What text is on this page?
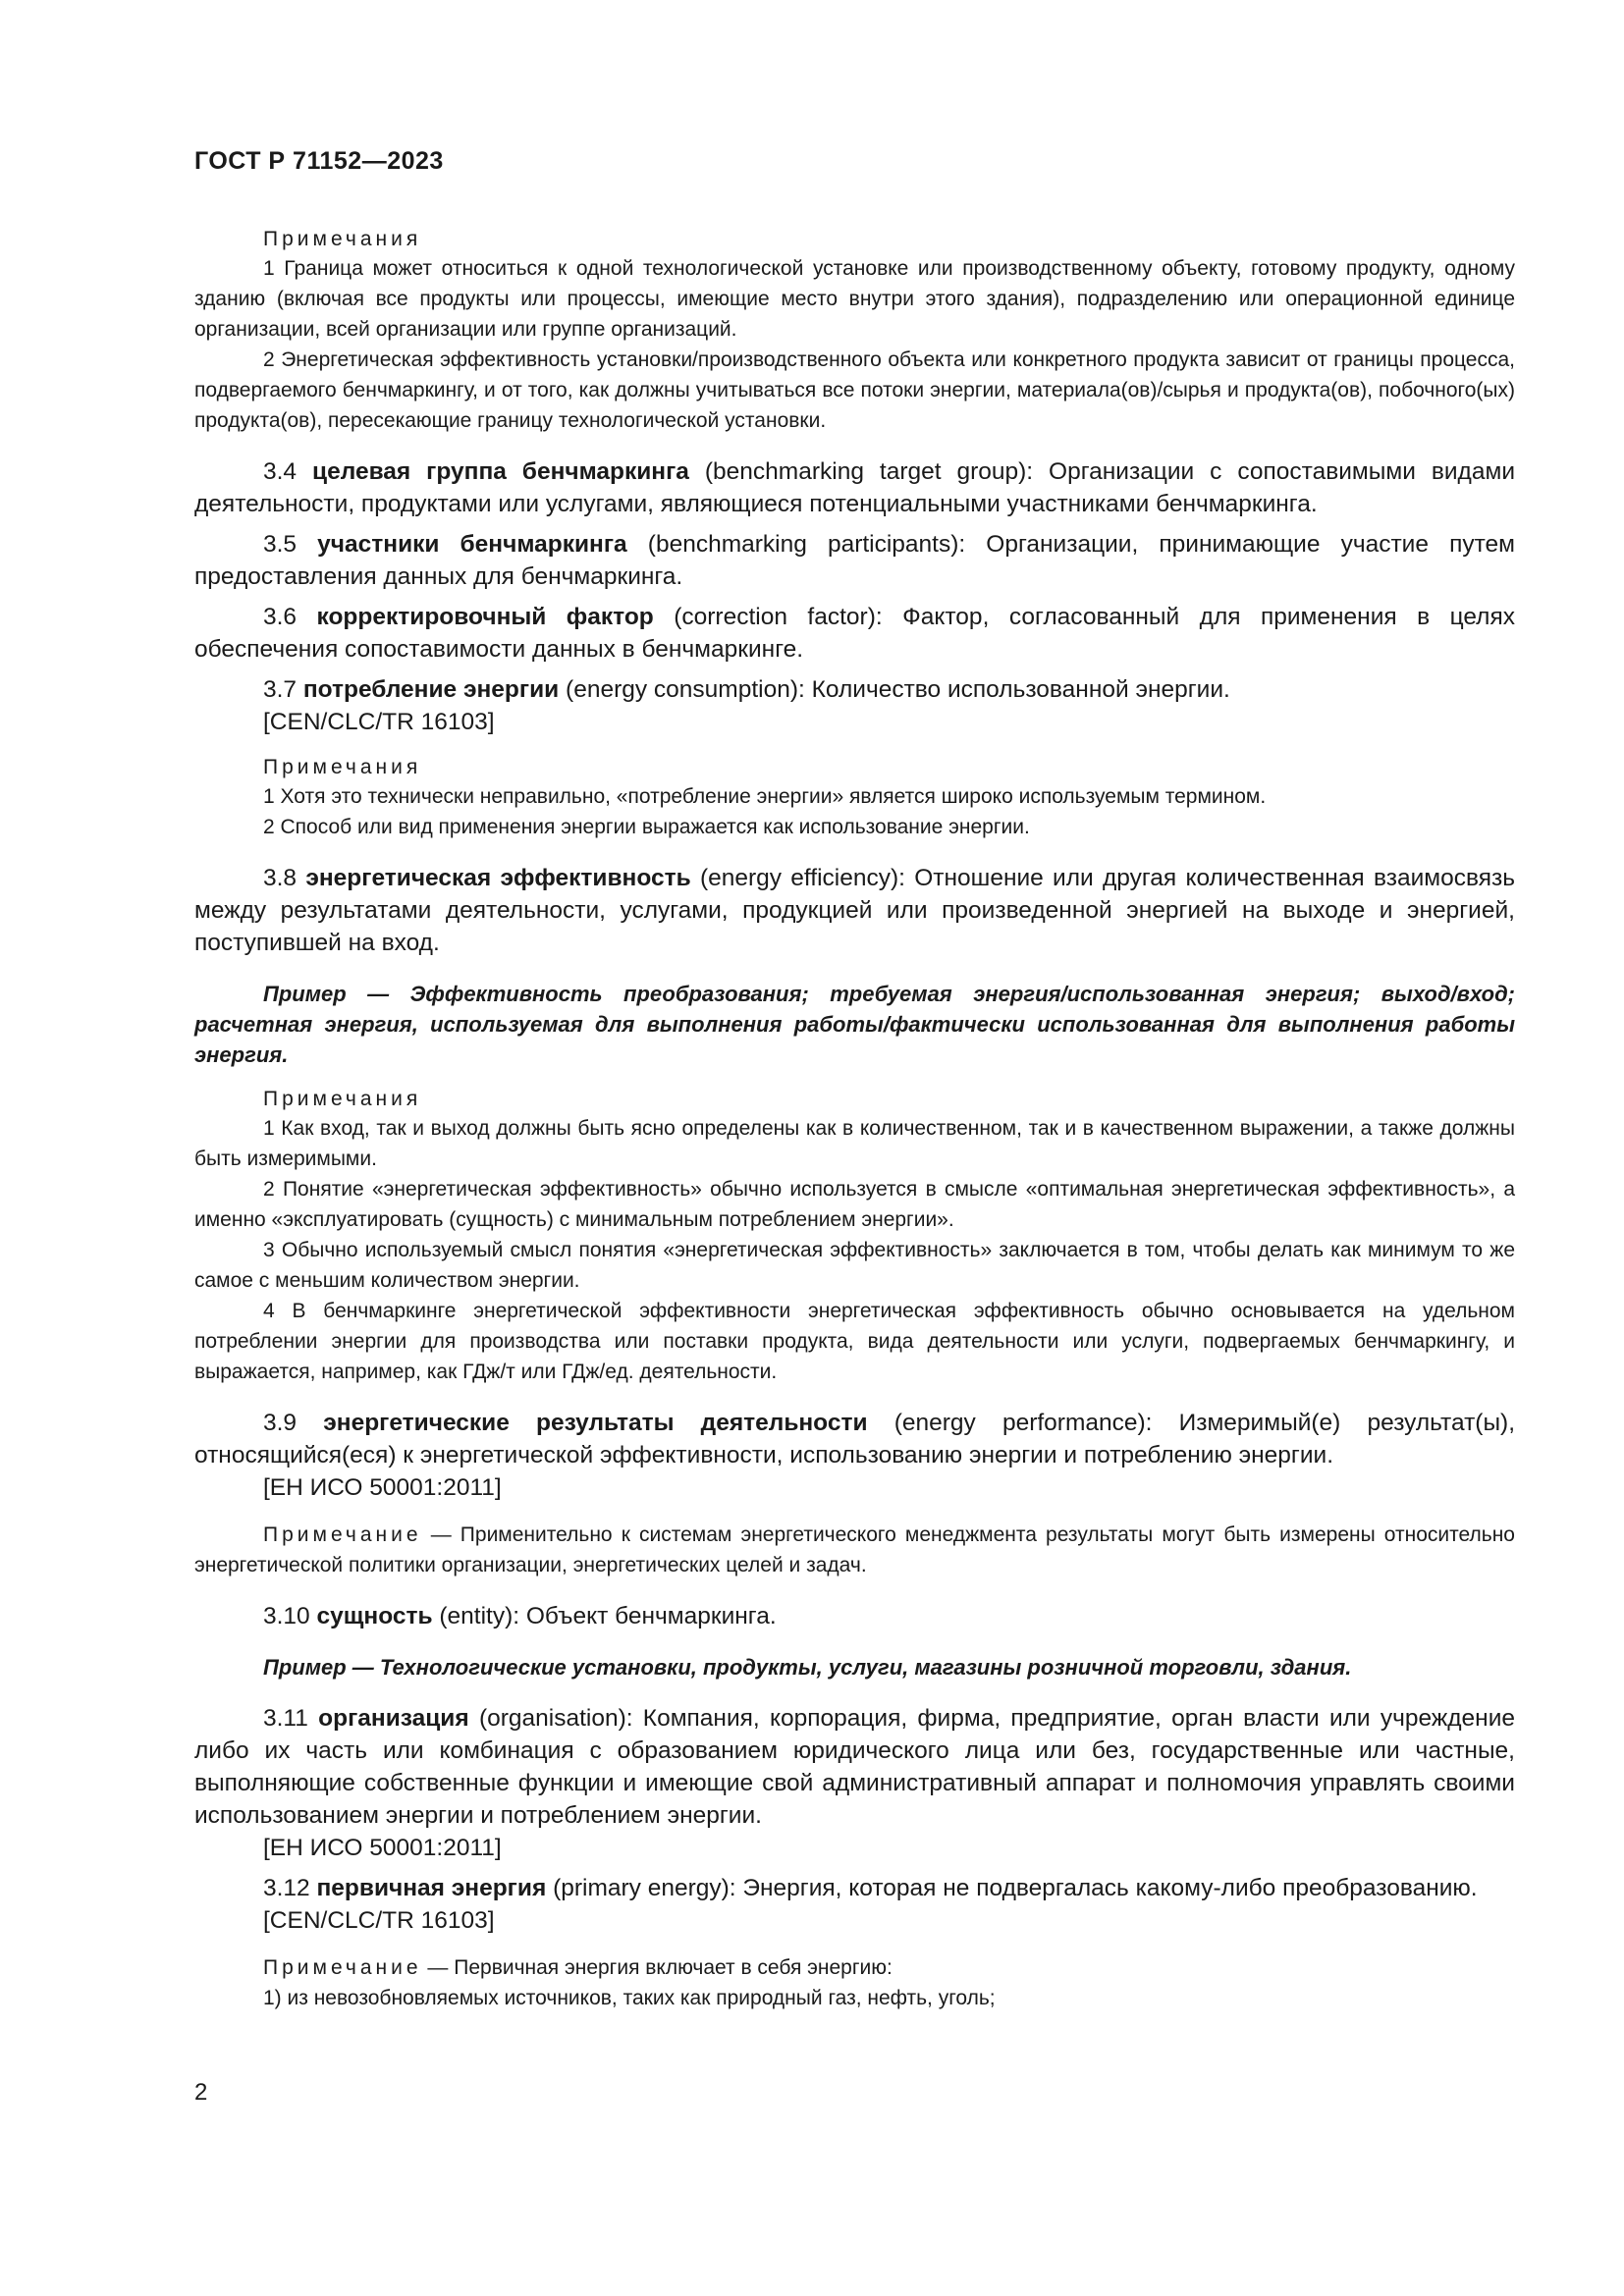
ГОСТ Р 71152—2023

Примечания

1 Граница может относиться к одной технологической установке или производственному объекту, готовому продукту, одному зданию (включая все продукты или процессы, имеющие место внутри этого здания), подразделению или операционной единице организации, всей организации или группе организаций.

2 Энергетическая эффективность установки/производственного объекта или конкретного продукта зависит от границы процесса, подвергаемого бенчмаркингу, и от того, как должны учитываться все потоки энергии, материала(ов)/сырья и продукта(ов), побочного(ых) продукта(ов), пересекающие границу технологической установки.

3.4 целевая группа бенчмаркинга (benchmarking target group): Организации с сопоставимыми видами деятельности, продуктами или услугами, являющиеся потенциальными участниками бенчмаркинга.

3.5 участники бенчмаркинга (benchmarking participants): Организации, принимающие участие путем предоставления данных для бенчмаркинга.

3.6 корректировочный фактор (correction factor): Фактор, согласованный для применения в целях обеспечения сопоставимости данных в бенчмаркинге.

3.7 потребление энергии (energy consumption): Количество использованной энергии.

[CEN/CLC/TR 16103]

Примечания

1 Хотя это технически неправильно, «потребление энергии» является широко используемым термином.

2 Способ или вид применения энергии выражается как использование энергии.

3.8 энергетическая эффективность (energy efficiency): Отношение или другая количественная взаимосвязь между результатами деятельности, услугами, продукцией или произведенной энергией на выходе и энергией, поступившей на вход.

Пример — Эффективность преобразования; требуемая энергия/использованная энергия; выход/вход; расчетная энергия, используемая для выполнения работы/фактически использованная для выполнения работы энергия.

Примечания

1 Как вход, так и выход должны быть ясно определены как в количественном, так и в качественном выражении, а также должны быть измеримыми.

2 Понятие «энергетическая эффективность» обычно используется в смысле «оптимальная энергетическая эффективность», а именно «эксплуатировать (сущность) с минимальным потреблением энергии».

3 Обычно используемый смысл понятия «энергетическая эффективность» заключается в том, чтобы делать как минимум то же самое с меньшим количеством энергии.

4 В бенчмаркинге энергетической эффективности энергетическая эффективность обычно основывается на удельном потреблении энергии для производства или поставки продукта, вида деятельности или услуги, подвергаемых бенчмаркингу, и выражается, например, как ГДж/т или ГДж/ед. деятельности.

3.9 энергетические результаты деятельности (energy performance): Измеримый(е) результат(ы), относящийся(еся) к энергетической эффективности, использованию энергии и потреблению энергии.

[ЕН ИСО 50001:2011]

Примечание — Применительно к системам энергетического менеджмента результаты могут быть измерены относительно энергетической политики организации, энергетических целей и задач.

3.10 сущность (entity): Объект бенчмаркинга.

Пример — Технологические установки, продукты, услуги, магазины розничной торговли, здания.

3.11 организация (organisation): Компания, корпорация, фирма, предприятие, орган власти или учреждение либо их часть или комбинация с образованием юридического лица или без, государственные или частные, выполняющие собственные функции и имеющие свой административный аппарат и полномочия управлять своими использованием энергии и потреблением энергии.

[ЕН ИСО 50001:2011]

3.12 первичная энергия (primary energy): Энергия, которая не подвергалась какому-либо преобразованию.

[CEN/CLC/TR 16103]

Примечание — Первичная энергия включает в себя энергию:

1) из невозобновляемых источников, таких как природный газ, нефть, уголь;

2
